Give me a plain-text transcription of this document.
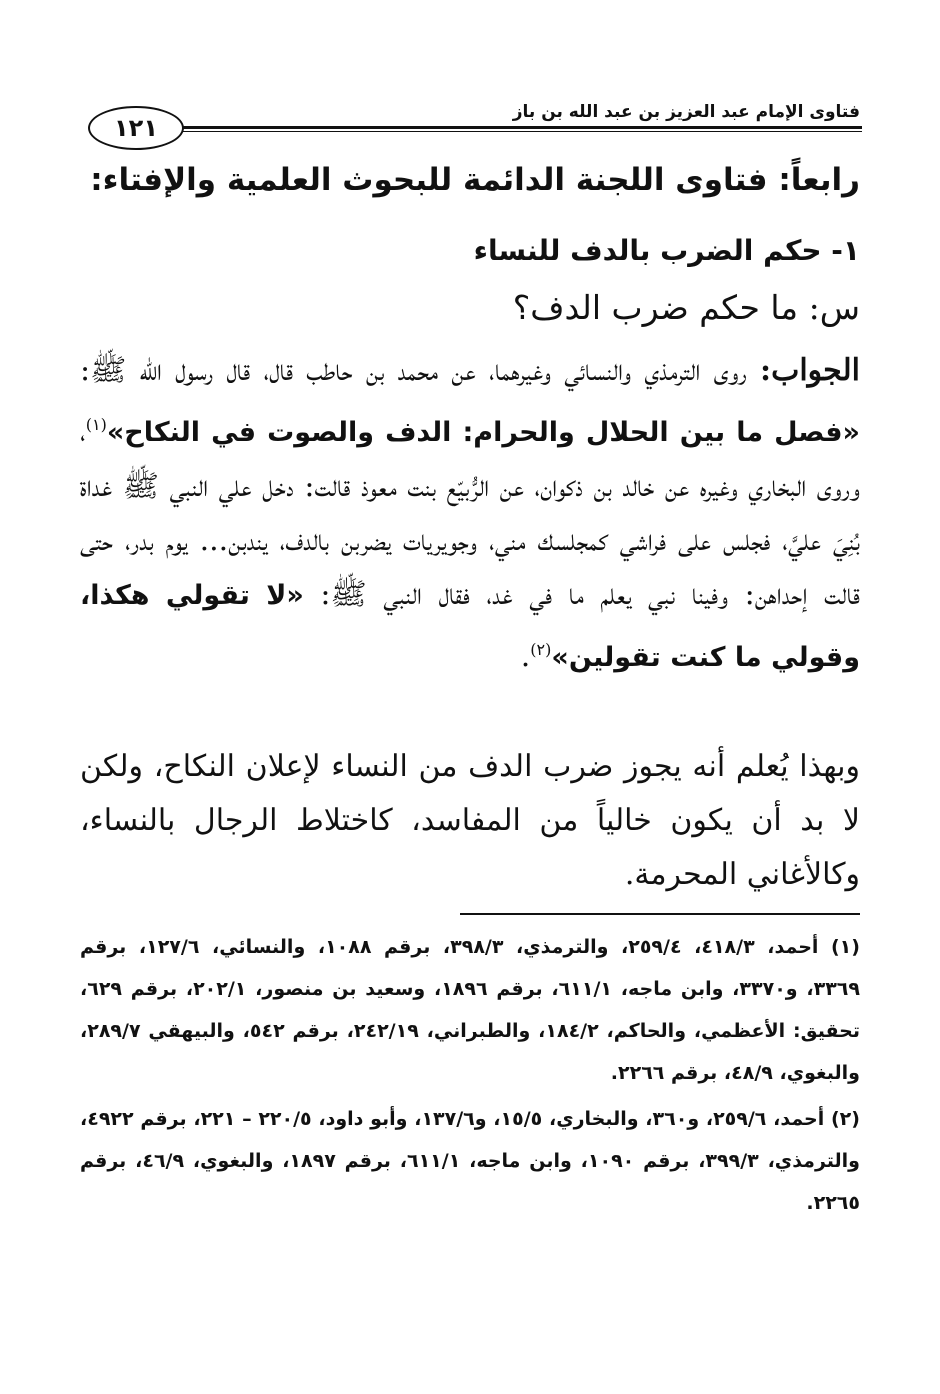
١٢١
فتاوى الإمام عبد العزيز بن عبد الله بن باز
رابعاً: فتاوى اللجنة الدائمة للبحوث العلمية والإفتاء:
١- حكم الضرب بالدف للنساء
س: ما حكم ضرب الدف؟
الجواب: روى الترمذي والنسائي وغيرهما، عن محمد بن حاطب قال، قال رسول الله ﷺ: «فصل ما بين الحلال والحرام: الدف والصوت في النكاح»$^{(١)}$، وروى البخاري وغيره عن خالد بن ذكوان، عن الرُّبيّع بنت معوذ قالت: دخل علي النبي ﷺ غداة بُنِيَ عليَّ، فجلس على فراشي كمجلسك مني، وجويريات يضربن بالدف، يندبن... يوم بدر، حتى قالت إحداهن: وفينا نبي يعلم ما في غد، فقال النبي ﷺ: «لا تقولي هكذا، وقولي ما كنت تقولين»$^{(٢)}$.
وبهذا يُعلم أنه يجوز ضرب الدف من النساء لإعلان النكاح، ولكن لا بد أن يكون خالياً من المفاسد، كاختلاط الرجال بالنساء، وكالأغاني المحرمة.

(١) أحمد، ٤١٨/٣، ٢٥٩/٤، والترمذي، ٣٩٨/٣، برقم ١٠٨٨، والنسائي، ١٢٧/٦، برقم ٣٣٦٩، و٣٣٧٠، وابن ماجه، ٦١١/١، برقم ١٨٩٦، وسعيد بن منصور، ٢٠٢/١، برقم ٦٢٩، تحقيق: الأعظمي، والحاكم، ١٨٤/٢، والطبراني، ٢٤٢/١٩، برقم ٥٤٢، والبيهقي ٢٨٩/٧، والبغوي، ٤٨/٩، برقم ٢٢٦٦.

(٢) أحمد، ٢٥٩/٦، و٣٦٠، والبخاري، ١٥/٥، و١٣٧/٦، وأبو داود، ٢٢٠/٥ – ٢٢١، برقم ٤٩٢٢، والترمذي، ٣٩٩/٣، برقم ١٠٩٠، وابن ماجه، ٦١١/١، برقم ١٨٩٧، والبغوي، ٤٦/٩، برقم ٢٢٦٥.
